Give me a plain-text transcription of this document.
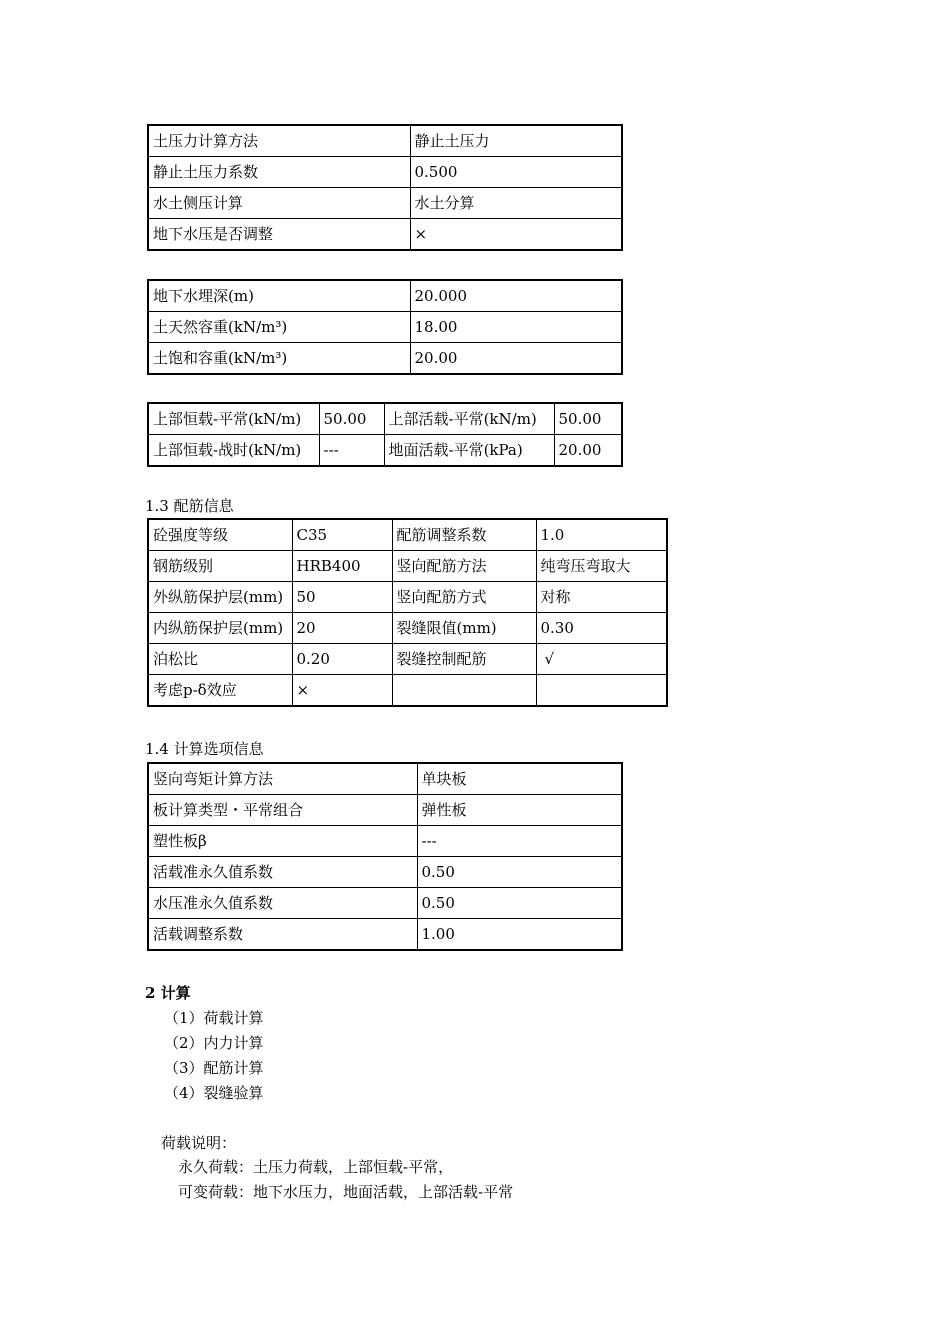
土压力计算方法	静止土压力
静止土压力系数	0.500
水土侧压计算	水土分算
地下水压是否调整	×
地下水埋深(m)	20.000
土天然容重(kN/m³)	18.00
土饱和容重(kN/m³)	20.00
上部恒载-平常(kN/m)	50.00	上部活载-平常(kN/m)	50.00
上部恒载-战时(kN/m)	---	地面活载-平常(kPa)	20.00
1.3 配筋信息
砼强度等级	C35	配筋调整系数	1.0
钢筋级别	HRB400	竖向配筋方法	纯弯压弯取大
外纵筋保护层(mm)	50	竖向配筋方式	对称
内纵筋保护层(mm)	20	裂缝限值(mm)	0.30
泊松比	0.20	裂缝控制配筋	√
考虑p-δ效应	×		
1.4 计算选项信息
竖向弯矩计算方法	单块板
板计算类型・平常组合	弹性板
塑性板β	---
活载准永久值系数	0.50
水压准永久值系数	0.50
活载调整系数	1.00
2 计算
（1）荷载计算
（2）内力计算
（3）配筋计算
（4）裂缝验算
荷载说明：
永久荷载：土压力荷载，上部恒载-平常，
可变荷载：地下水压力，地面活载，上部活载-平常
